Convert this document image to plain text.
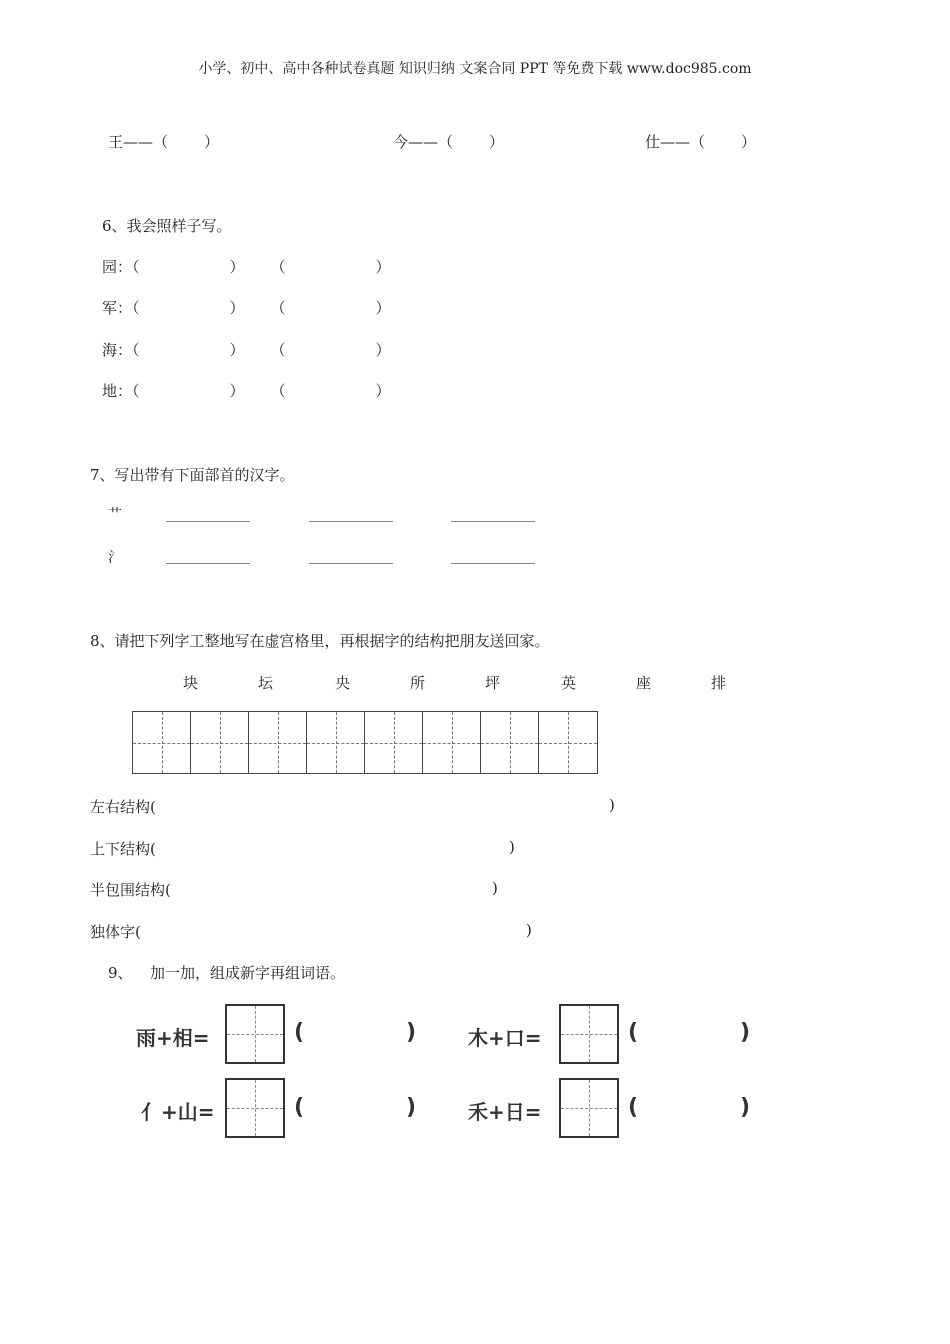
小学、初中、高中各种试卷真题 知识归纳 文案合同 PPT 等免费下载 www.doc985.com
王——（ ）	今——（ ）	仕——（ ）
6、我会照样子写。
园：（	） （	）
军：（	） （	）
海：（	） （	）
地：（	） （	）
7、写出带有下面部首的汉字。
艹
氵
8、请把下列字工整地写在虚宫格里，再根据字的结构把朋友送回家。
块	坛	央	所	坪	英	座	排
左右结构(	)
上下结构(	)
半包围结构(	)
独体字(	)
9、 加一加，组成新字再组词语。
雨+相=	(	)	木+口=	(	)
亻+山=	(	)	禾+日=	(	)
